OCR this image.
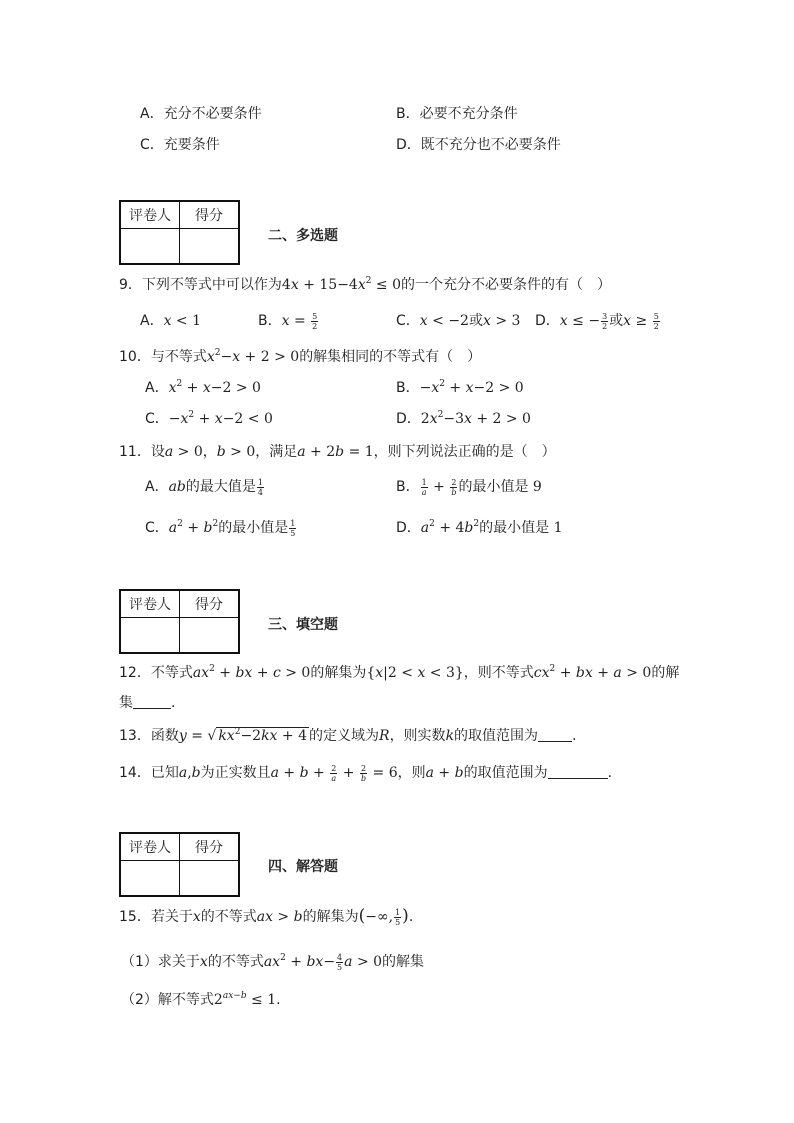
A．充分不必要条件	B．必要不充分条件
C．充要条件	D．既不充分也不必要条件
评卷人	得分

二、多选题
9．下列不等式中可以作为$4x + 15-4x^2 \le 0$的一个充分不必要条件的有（　）
A．x < 1	B．$x = \frac{5}{2}$	C．x < −2或x > 3 D．x ≤ − $\frac{3}{2}$ 或$x \ge \frac{5}{2}$
10．与不等式$x^2-x + 2 > 0$的解集相同的不等式有（　）
A．$x^2 + x-2 > 0$	B．$-x^2 + x-2 > 0$
C．$-x^2 + x-2 < 0$	D．$2x^2-3x + 2 > 0$
11．设a > 0，b > 0，满足a + 2b = 1，则下列说法正确的是（　）
A．ab的最大值是 $\frac{1}{4}$	B． $\frac{1}{a} + \frac{2}{b}$ 的最小值是 9
C．$a^2 + b^2$的最小值是 $\frac{1}{5}$	D．$a^2 + 4b^2$的最小值是 1
评卷人	得分

三、填空题
12．不等式$ax^2$ + bx + c > 0的解集为{x|2 < x < 3}，则不等式$cx^2$ + bx + a > 0的解
集	.
13．函数y = √ $kx^2-2kx + 4$ 的定义域为R，则实数k的取值范围为 .
14．已知a,b为正实数且$a + b + \frac{2}{a} + \frac{2}{b} = 6$，则a + b的取值范围为	.
评卷人	得分

四、解答题
15．若关于x的不等式ax > b的解集为(−∞, $\frac{1}{5}$ ).
（1）求关于x的不等式$ax^2 + bx- \frac{4}{5}$ a > 0的解集
（2）解不等式$2^{ax-b} \le 1$.
